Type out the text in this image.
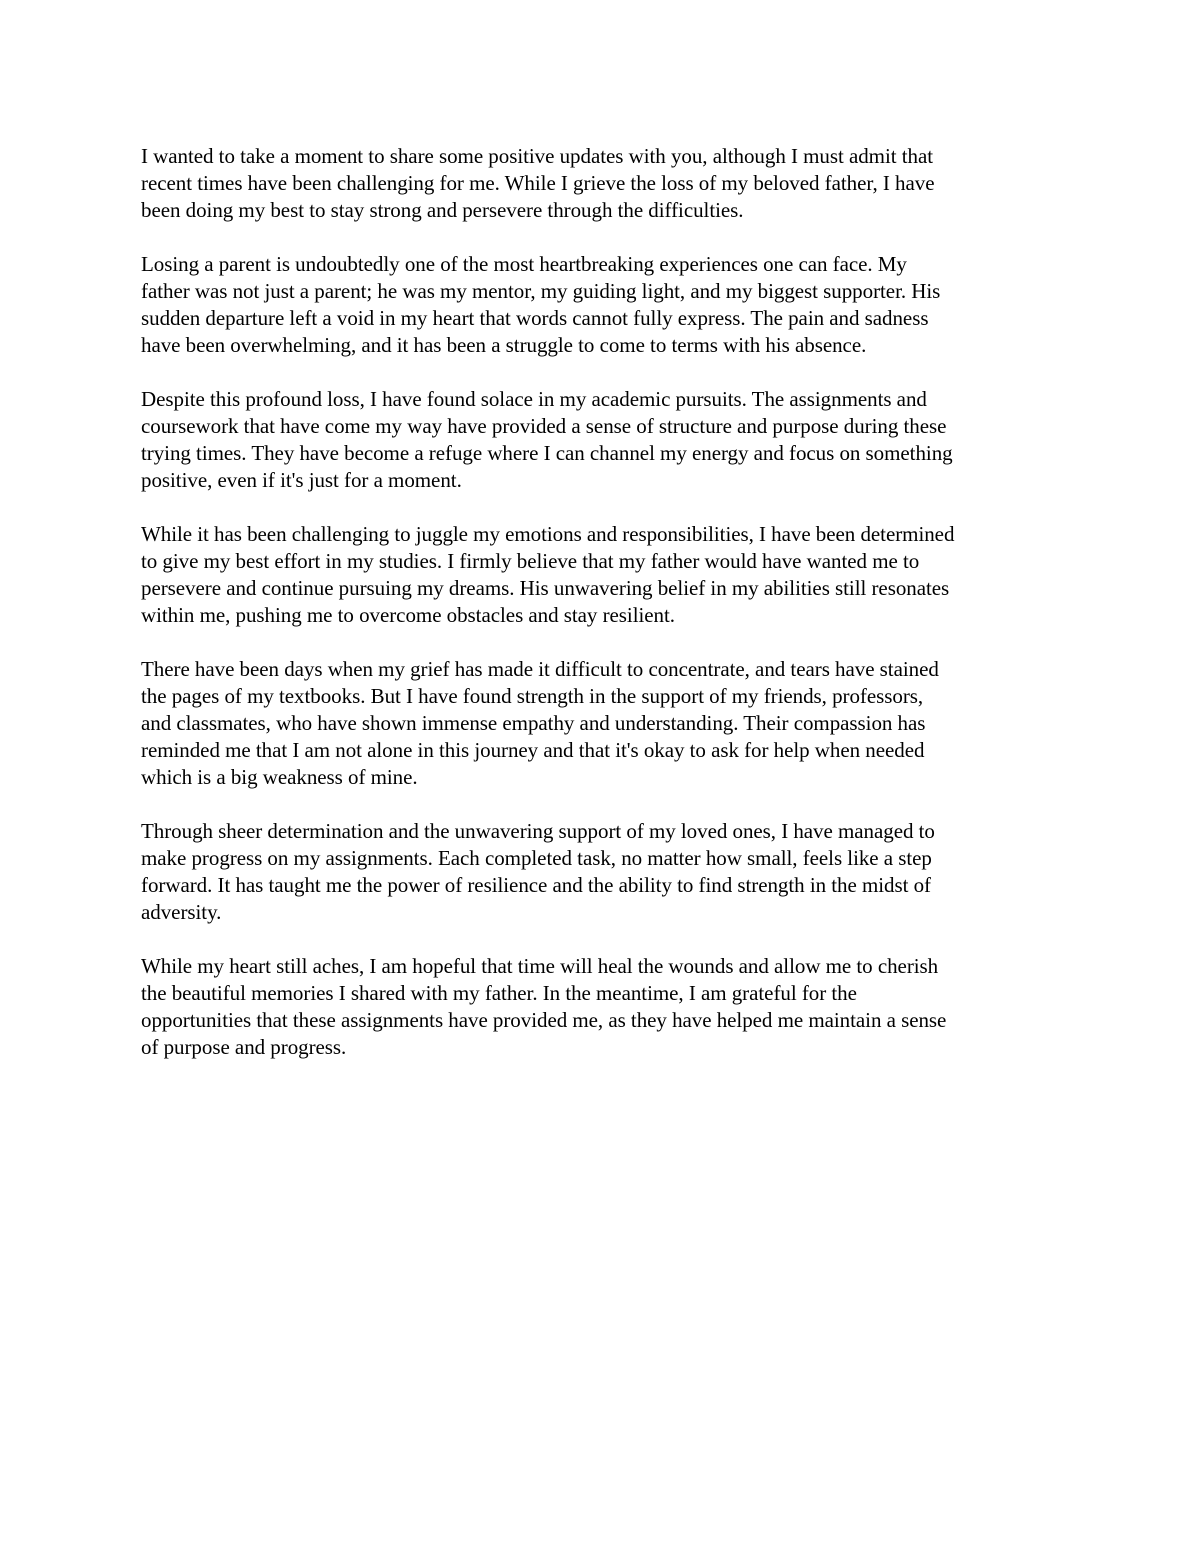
I wanted to take a moment to share some positive updates with you, although I must admit that
recent times have been challenging for me. While I grieve the loss of my beloved father, I have
been doing my best to stay strong and persevere through the difficulties.
Losing a parent is undoubtedly one of the most heartbreaking experiences one can face. My
father was not just a parent; he was my mentor, my guiding light, and my biggest supporter. His
sudden departure left a void in my heart that words cannot fully express. The pain and sadness
have been overwhelming, and it has been a struggle to come to terms with his absence.
Despite this profound loss, I have found solace in my academic pursuits. The assignments and
coursework that have come my way have provided a sense of structure and purpose during these
trying times. They have become a refuge where I can channel my energy and focus on something
positive, even if it's just for a moment.
While it has been challenging to juggle my emotions and responsibilities, I have been determined
to give my best effort in my studies. I firmly believe that my father would have wanted me to
persevere and continue pursuing my dreams. His unwavering belief in my abilities still resonates
within me, pushing me to overcome obstacles and stay resilient.
There have been days when my grief has made it difficult to concentrate, and tears have stained
the pages of my textbooks. But I have found strength in the support of my friends, professors,
and classmates, who have shown immense empathy and understanding. Their compassion has
reminded me that I am not alone in this journey and that it's okay to ask for help when needed
which is a big weakness of mine.
Through sheer determination and the unwavering support of my loved ones, I have managed to
make progress on my assignments. Each completed task, no matter how small, feels like a step
forward. It has taught me the power of resilience and the ability to find strength in the midst of
adversity.
While my heart still aches, I am hopeful that time will heal the wounds and allow me to cherish
the beautiful memories I shared with my father. In the meantime, I am grateful for the
opportunities that these assignments have provided me, as they have helped me maintain a sense
of purpose and progress.
